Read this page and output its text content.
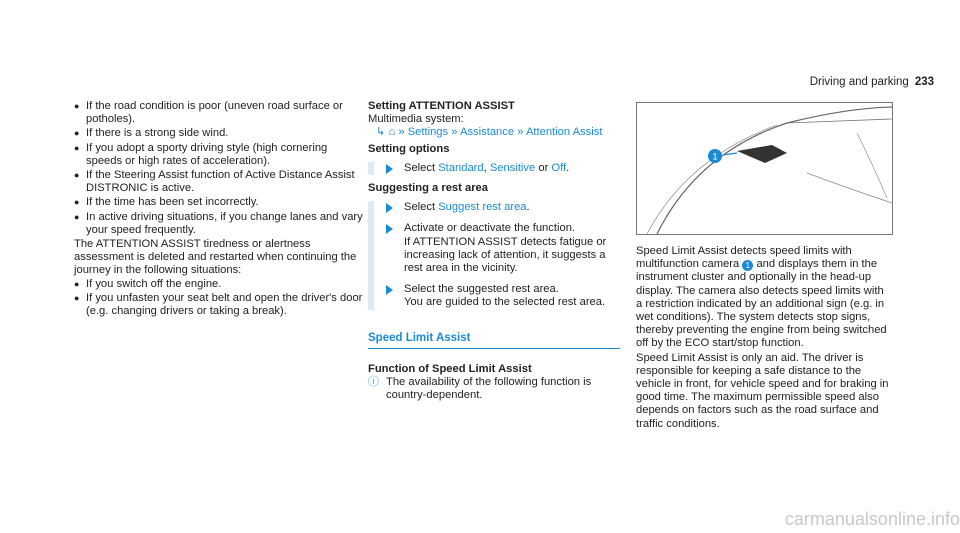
Driving and parking 233
● If the road condition is poor (uneven road surface or potholes).
● If there is a strong side wind.
● If you adopt a sporty driving style (high cornering speeds or high rates of acceleration).
● If the Steering Assist function of Active Distance Assist DISTRONIC is active.
● If the time has been set incorrectly.
● In active driving situations, if you change lanes and vary your speed frequently.

The ATTENTION ASSIST tiredness or alertness assessment is deleted and restarted when continuing the journey in the following situations:

● If you switch off the engine.
● If you unfasten your seat belt and open the driver's door (e.g. changing drivers or taking a break).

Setting ATTENTION ASSIST

Multimedia system:

↳ ⌂ » Settings » Assistance » Attention Assist

Setting options

Select Standard, Sensitive or Off.

Suggesting a rest area

Select Suggest rest area.
Activate or deactivate the function.
If ATTENTION ASSIST detects fatigue or increasing lack of attention, it suggests a rest area in the vicinity.
Select the suggested rest area.
You are guided to the selected rest area.
Speed Limit Assist

Function of Speed Limit Assist

ⓘ The availability of the following function is country-dependent.
1

Speed Limit Assist detects speed limits with multifunction camera 1 and displays them in the instrument cluster and optionally in the head-up display. The camera also detects speed limits with a restriction indicated by an additional sign (e.g. in wet conditions). The system detects stop signs, thereby preventing the engine from being switched off by the ECO start/stop function.

Speed Limit Assist is only an aid. The driver is responsible for keeping a safe distance to the vehicle in front, for vehicle speed and for braking in good time. The maximum permissible speed also depends on factors such as the road surface and traffic conditions.

carmanualsonline.info
